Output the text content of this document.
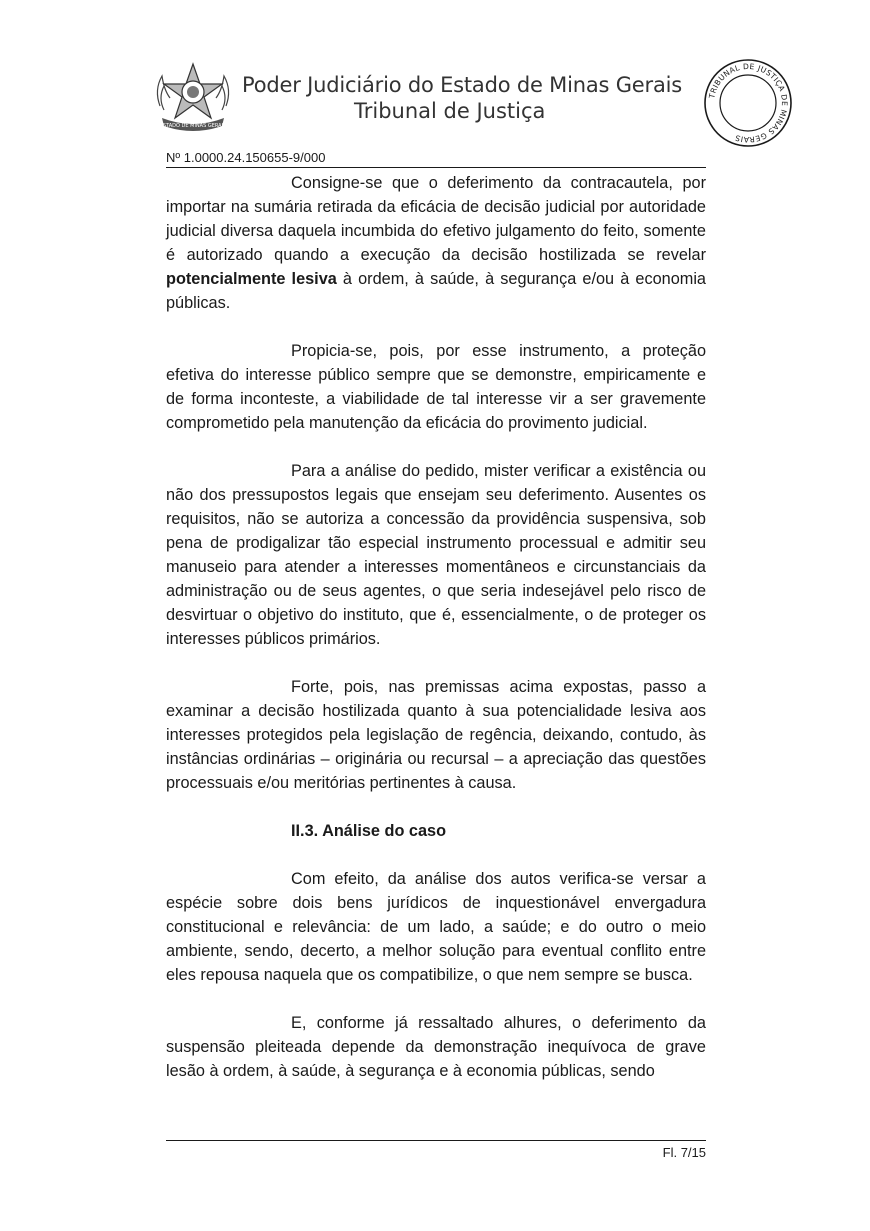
ESTADO DE MINAS GERAIS
Poder Judiciário do Estado de Minas Gerais
Tribunal de Justiça
TRIBUNAL DE JUSTIÇA DE MINAS GERAIS
Nº 1.0000.24.150655-9/000

Consigne-se que o deferimento da contracautela, por importar na sumária retirada da eficácia de decisão judicial por autoridade judicial diversa daquela incumbida do efetivo julgamento do feito, somente é autorizado quando a execução da decisão hostilizada se revelar potencialmente lesiva à ordem, à saúde, à segurança e/ou à economia públicas.

Propicia-se, pois, por esse instrumento, a proteção efetiva do interesse público sempre que se demonstre, empiricamente e de forma inconteste, a viabilidade de tal interesse vir a ser gravemente comprometido pela manutenção da eficácia do provimento judicial.

Para a análise do pedido, mister verificar a existência ou não dos pressupostos legais que ensejam seu deferimento. Ausentes os requisitos, não se autoriza a concessão da providência suspensiva, sob pena de prodigalizar tão especial instrumento processual e admitir seu manuseio para atender a interesses momentâneos e circunstanciais da administração ou de seus agentes, o que seria indesejável pelo risco de desvirtuar o objetivo do instituto, que é, essencialmente, o de proteger os interesses públicos primários.

Forte, pois, nas premissas acima expostas, passo a examinar a decisão hostilizada quanto à sua potencialidade lesiva aos interesses protegidos pela legislação de regência, deixando, contudo, às instâncias ordinárias – originária ou recursal – a apreciação das questões processuais e/ou meritórias pertinentes à causa.

II.3. Análise do caso

Com efeito, da análise dos autos verifica-se versar a espécie sobre dois bens jurídicos de inquestionável envergadura constitucional e relevância: de um lado, a saúde; e do outro o meio ambiente, sendo, decerto, a melhor solução para eventual conflito entre eles repousa naquela que os compatibilize, o que nem sempre se busca.

E, conforme já ressaltado alhures, o deferimento da suspensão pleiteada depende da demonstração inequívoca de grave lesão à ordem, à saúde, à segurança e à economia públicas, sendo

Fl. 7/15
